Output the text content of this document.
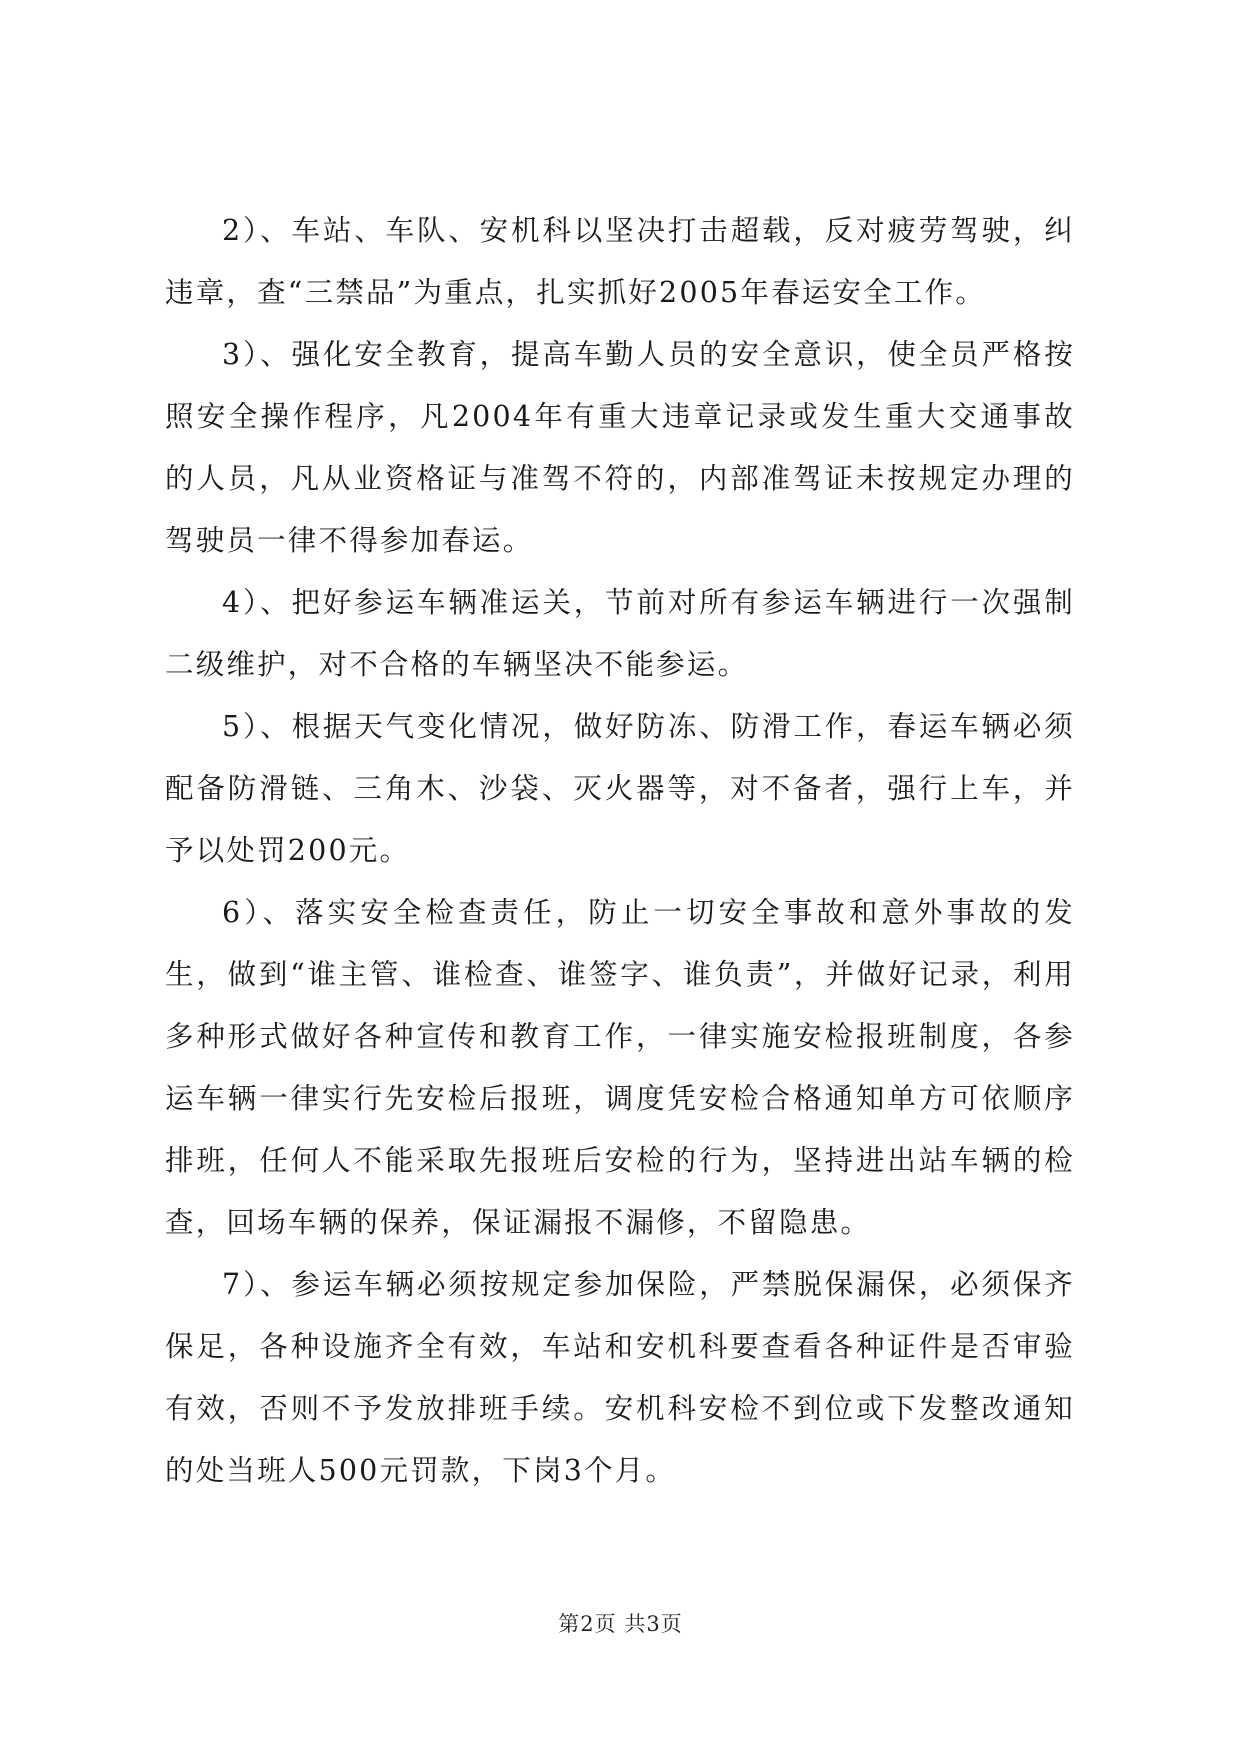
2）、车站、车队、安机科以坚决打击超载，反对疲劳驾驶，纠违章，查“三禁品”为重点，扎实抓好2005年春运安全工作。

3）、强化安全教育，提高车勤人员的安全意识，使全员严格按照安全操作程序，凡2004年有重大违章记录或发生重大交通事故的人员，凡从业资格证与准驾不符的，内部准驾证未按规定办理的驾驶员一律不得参加春运。

4）、把好参运车辆准运关，节前对所有参运车辆进行一次强制二级维护，对不合格的车辆坚决不能参运。

5）、根据天气变化情况，做好防冻、防滑工作，春运车辆必须配备防滑链、三角木、沙袋、灭火器等，对不备者，强行上车，并予以处罚200元。

6）、落实安全检查责任，防止一切安全事故和意外事故的发生，做到“谁主管、谁检查、谁签字、谁负责”，并做好记录，利用多种形式做好各种宣传和教育工作，一律实施安检报班制度，各参运车辆一律实行先安检后报班，调度凭安检合格通知单方可依顺序排班，任何人不能采取先报班后安检的行为，坚持进出站车辆的检查，回场车辆的保养，保证漏报不漏修，不留隐患。

7）、参运车辆必须按规定参加保险，严禁脱保漏保，必须保齐保足，各种设施齐全有效，车站和安机科要查看各种证件是否审验有效，否则不予发放排班手续。安机科安检不到位或下发整改通知的处当班人500元罚款，下岗3个月。

第2页 共3页
